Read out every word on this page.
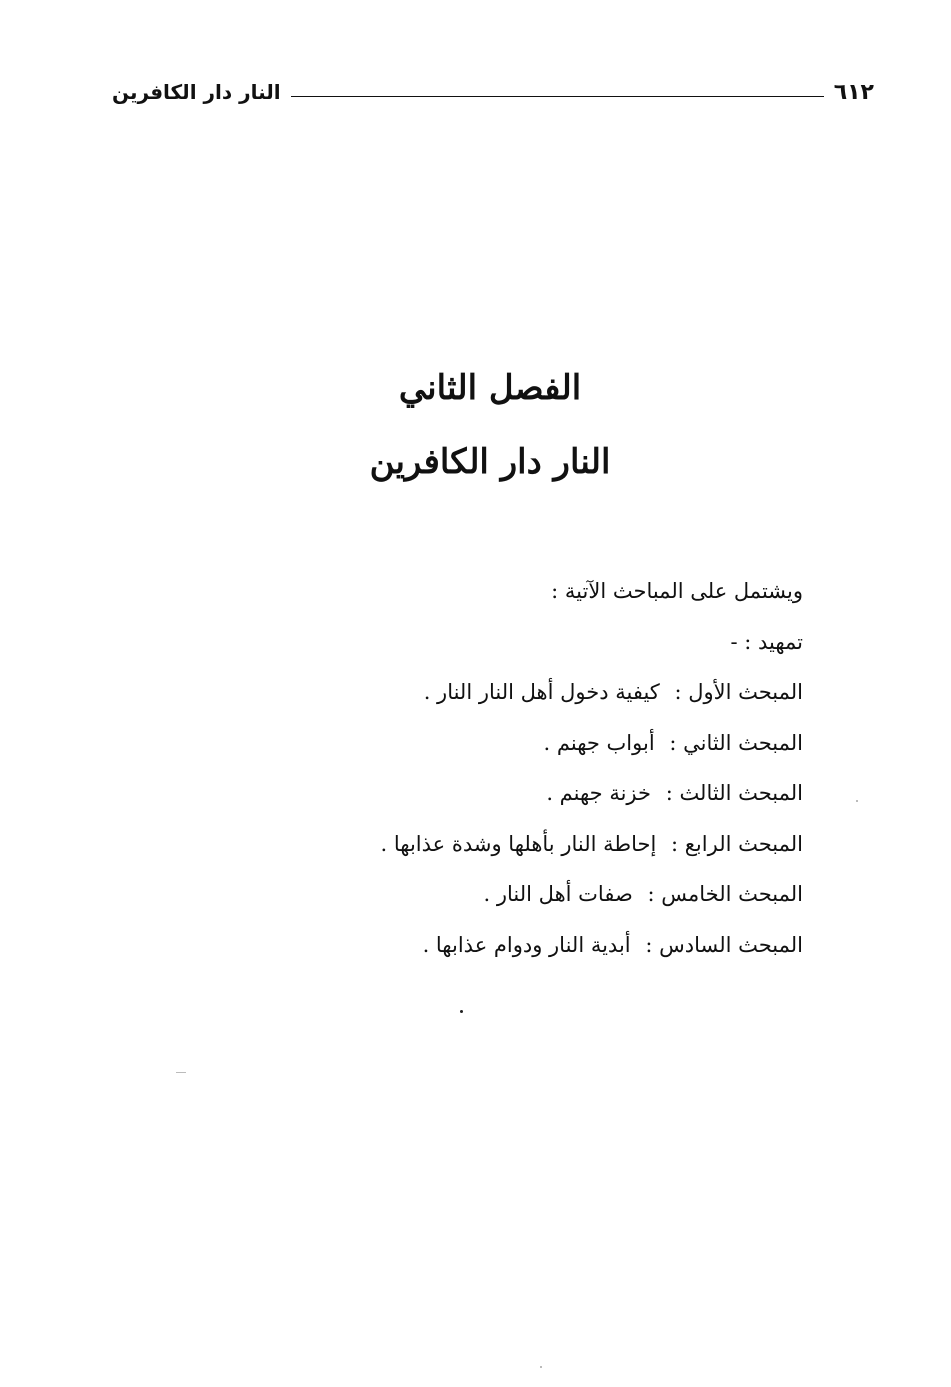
٦١٢
النار دار الكافرين
الفصل الثاني
النار دار الكافرين
ويشتمل على المباحث الآتية :
تمهيد : -
المبحث الأول : كيفية دخول أهل النار النار .
المبحث الثاني : أبواب جهنم .
المبحث الثالث : خزنة جهنم .
المبحث الرابع : إحاطة النار بأهلها وشدة عذابها .
المبحث الخامس : صفات أهل النار .
المبحث السادس : أبدية النار ودوام عذابها .
